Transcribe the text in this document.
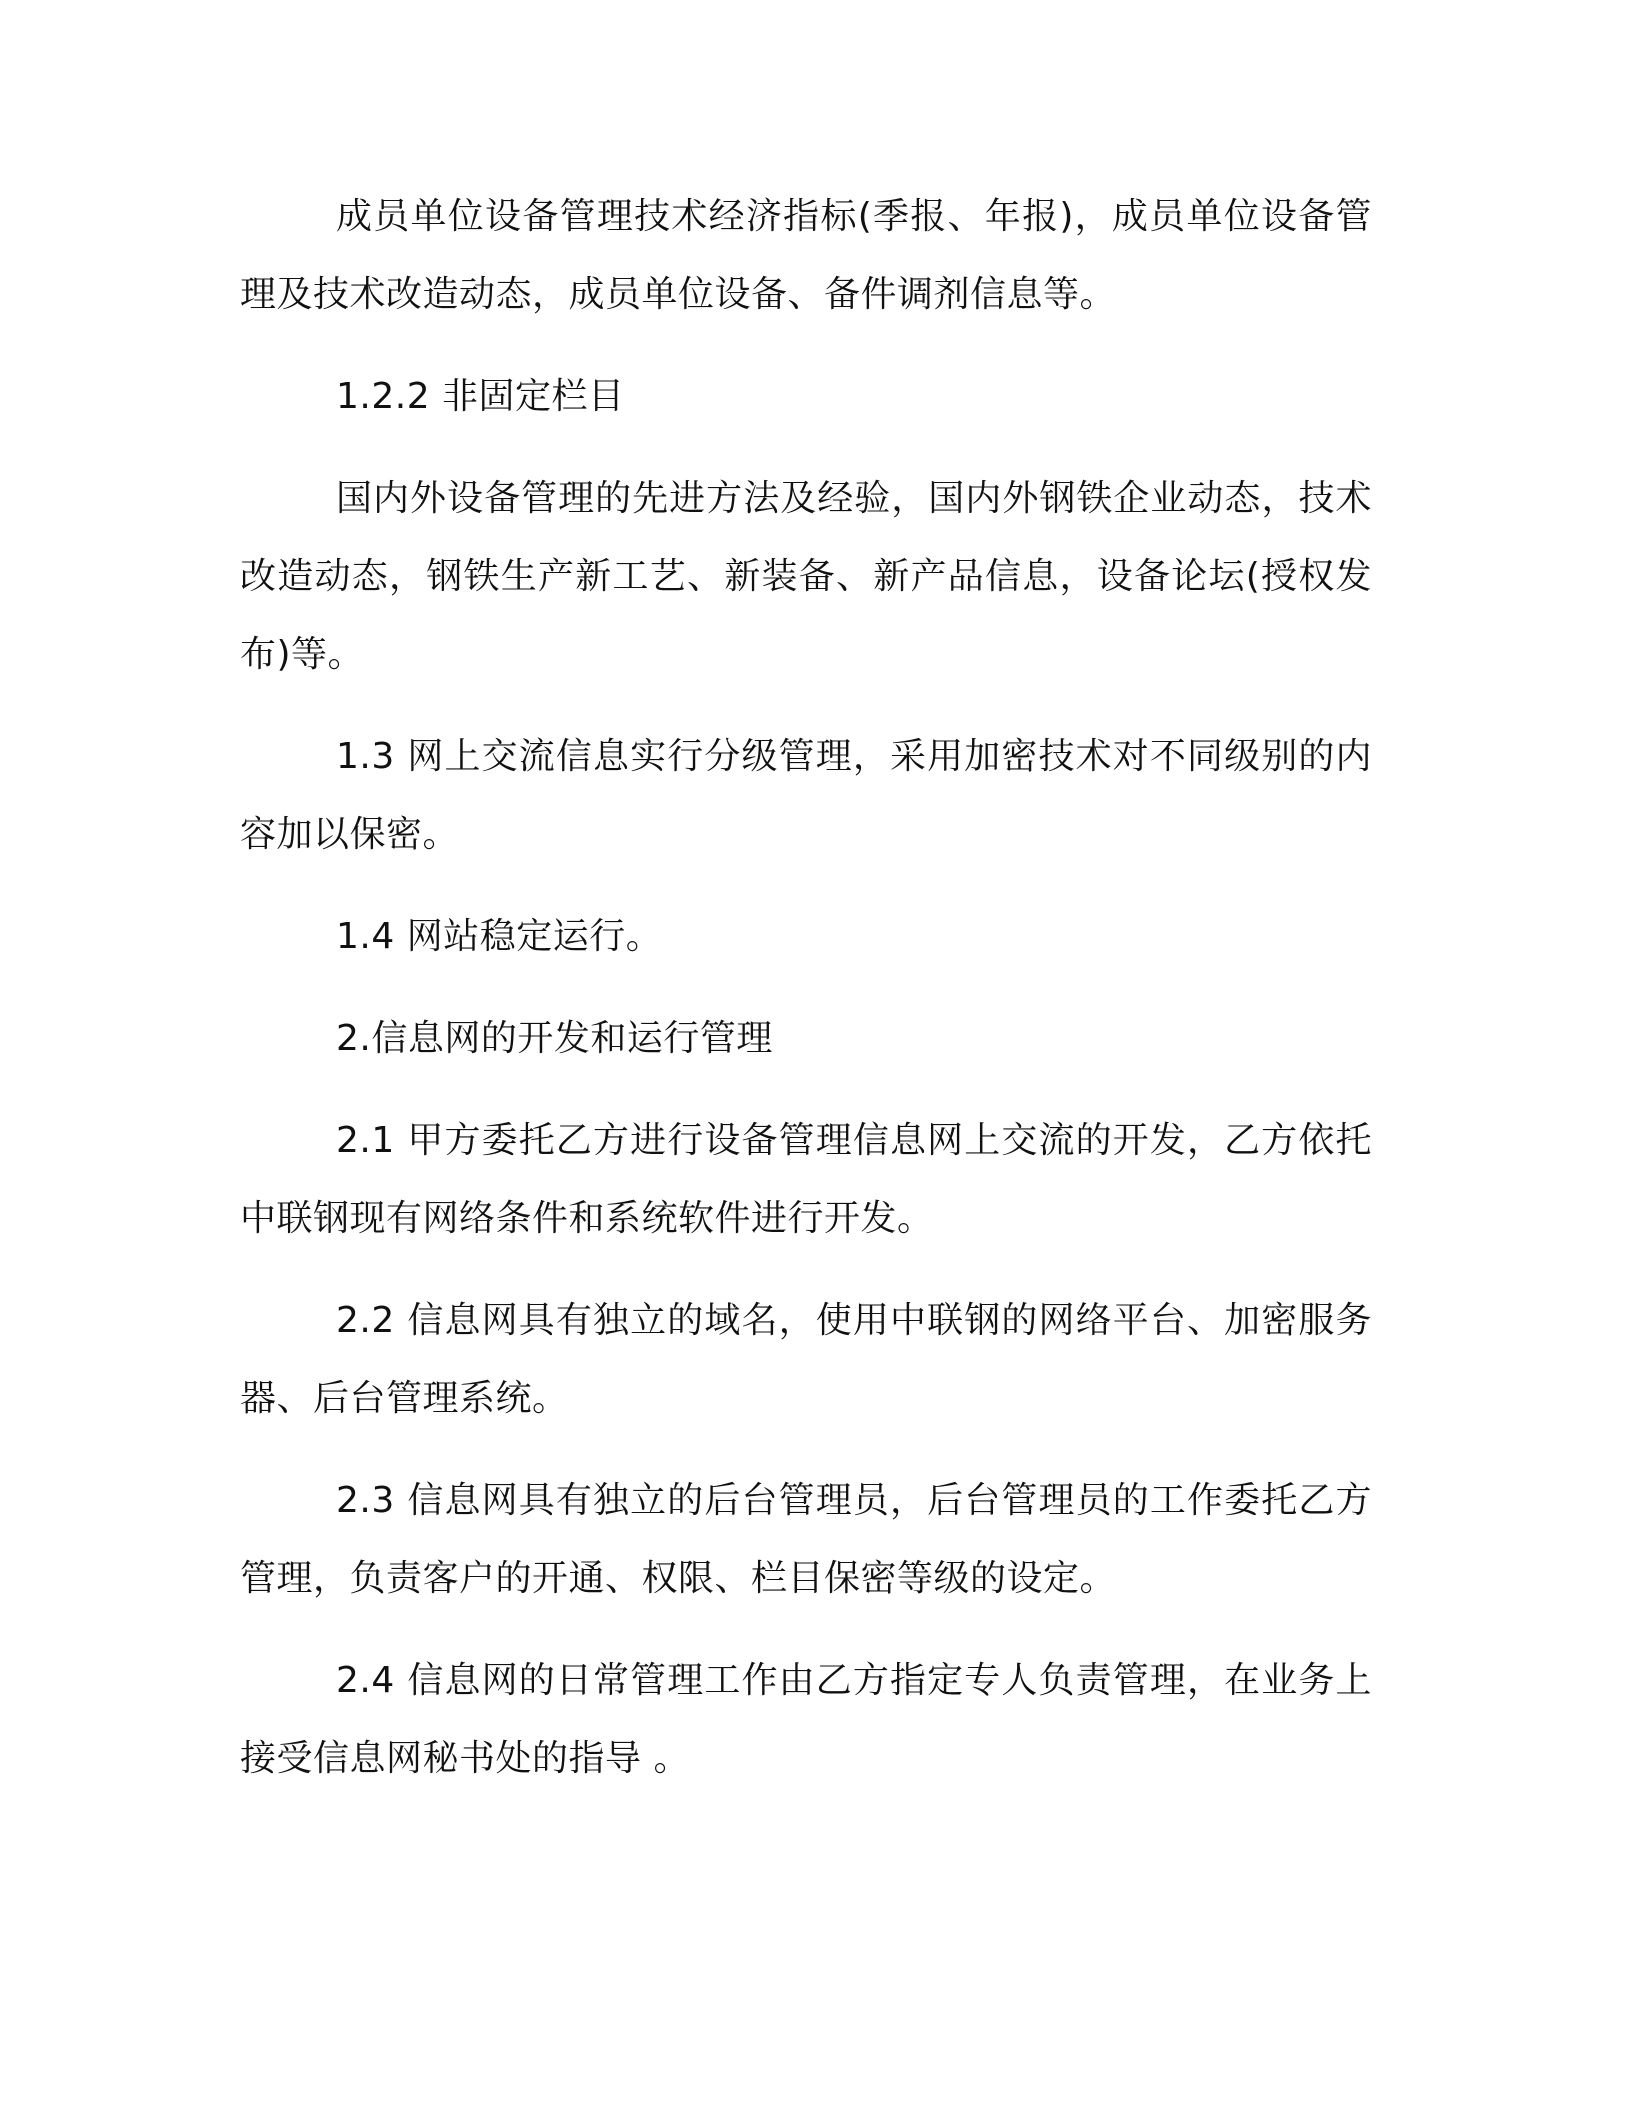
成员单位设备管理技术经济指标(季报、年报)，成员单位设备管理及技术改造动态，成员单位设备、备件调剂信息等。

1.2.2 非固定栏目

国内外设备管理的先进方法及经验，国内外钢铁企业动态，技术改造动态，钢铁生产新工艺、新装备、新产品信息，设备论坛(授权发布)等。

1.3 网上交流信息实行分级管理，采用加密技术对不同级别的内容加以保密。

1.4 网站稳定运行。

2.信息网的开发和运行管理

2.1 甲方委托乙方进行设备管理信息网上交流的开发，乙方依托中联钢现有网络条件和系统软件进行开发。

2.2 信息网具有独立的域名，使用中联钢的网络平台、加密服务器、后台管理系统。

2.3 信息网具有独立的后台管理员，后台管理员的工作委托乙方管理，负责客户的开通、权限、栏目保密等级的设定。

2.4 信息网的日常管理工作由乙方指定专人负责管理，在业务上接受信息网秘书处的指导 。
